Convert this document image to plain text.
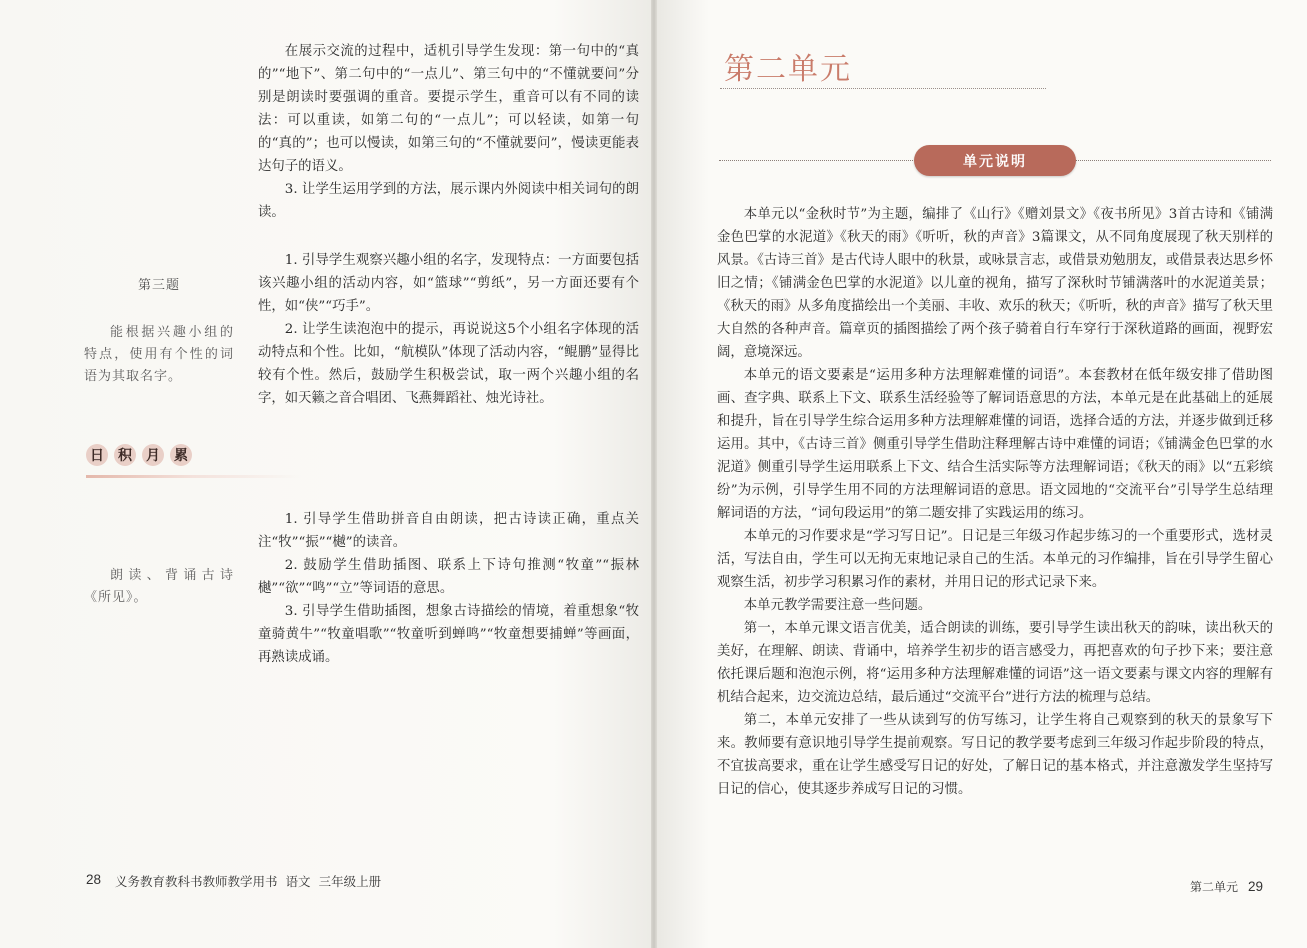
在展示交流的过程中，适机引导学生发现：第一句中的“真的”“地下”、第二句中的“一点儿”、第三句中的“不懂就要问”分别是朗读时要强调的重音。要提示学生，重音可以有不同的读法：可以重读，如第二句的“一点儿”；可以轻读，如第一句的“真的”；也可以慢读，如第三句的“不懂就要问”，慢读更能表达句子的语义。

3. 让学生运用学到的方法，展示课内外阅读中相关词句的朗读。

第三题

能根据兴趣小组的特点，使用有个性的词语为其取名字。

1. 引导学生观察兴趣小组的名字，发现特点：一方面要包括该兴趣小组的活动内容，如“篮球”“剪纸”，另一方面还要有个性，如“侠”“巧手”。

2. 让学生读泡泡中的提示，再说说这5个小组名字体现的活动特点和个性。比如，“航模队”体现了活动内容，“鲲鹏”显得比较有个性。然后，鼓励学生积极尝试，取一两个兴趣小组的名字，如天籁之音合唱团、飞燕舞蹈社、烛光诗社。

日 积 月 累

朗读、背诵古诗《所见》。

1. 引导学生借助拼音自由朗读，把古诗读正确，重点关注“牧”“振”“樾”的读音。

2. 鼓励学生借助插图、联系上下诗句推测“牧童”“振林樾”“欲”“鸣”“立”等词语的意思。

3. 引导学生借助插图，想象古诗描绘的情境，着重想象“牧童骑黄牛”“牧童唱歌”“牧童听到蝉鸣”“牧童想要捕蝉”等画面，再熟读成诵。

28 义务教育教科书教师教学用书 语文 三年级上册
第二单元
单元说明

本单元以“金秋时节”为主题，编排了《山行》《赠刘景文》《夜书所见》3首古诗和《铺满金色巴掌的水泥道》《秋天的雨》《听听，秋的声音》3篇课文，从不同角度展现了秋天别样的风景。《古诗三首》是古代诗人眼中的秋景，或咏景言志，或借景劝勉朋友，或借景表达思乡怀旧之情；《铺满金色巴掌的水泥道》以儿童的视角，描写了深秋时节铺满落叶的水泥道美景；《秋天的雨》从多角度描绘出一个美丽、丰收、欢乐的秋天；《听听，秋的声音》描写了秋天里大自然的各种声音。篇章页的插图描绘了两个孩子骑着自行车穿行于深秋道路的画面，视野宏阔，意境深远。

本单元的语文要素是“运用多种方法理解难懂的词语”。本套教材在低年级安排了借助图画、查字典、联系上下文、联系生活经验等了解词语意思的方法，本单元是在此基础上的延展和提升，旨在引导学生综合运用多种方法理解难懂的词语，选择合适的方法，并逐步做到迁移运用。其中，《古诗三首》侧重引导学生借助注释理解古诗中难懂的词语；《铺满金色巴掌的水泥道》侧重引导学生运用联系上下文、结合生活实际等方法理解词语；《秋天的雨》以“五彩缤纷”为示例，引导学生用不同的方法理解词语的意思。语文园地的“交流平台”引导学生总结理解词语的方法，“词句段运用”的第二题安排了实践运用的练习。

本单元的习作要求是“学习写日记”。日记是三年级习作起步练习的一个重要形式，选材灵活，写法自由，学生可以无拘无束地记录自己的生活。本单元的习作编排，旨在引导学生留心观察生活，初步学习积累习作的素材，并用日记的形式记录下来。

本单元教学需要注意一些问题。

第一，本单元课文语言优美，适合朗读的训练，要引导学生读出秋天的韵味，读出秋天的美好，在理解、朗读、背诵中，培养学生初步的语言感受力，再把喜欢的句子抄下来；要注意依托课后题和泡泡示例，将“运用多种方法理解难懂的词语”这一语文要素与课文内容的理解有机结合起来，边交流边总结，最后通过“交流平台”进行方法的梳理与总结。

第二，本单元安排了一些从读到写的仿写练习，让学生将自己观察到的秋天的景象写下来。教师要有意识地引导学生提前观察。写日记的教学要考虑到三年级习作起步阶段的特点，不宜拔高要求，重在让学生感受写日记的好处，了解日记的基本格式，并注意激发学生坚持写日记的信心，使其逐步养成写日记的习惯。

第二单元 29
